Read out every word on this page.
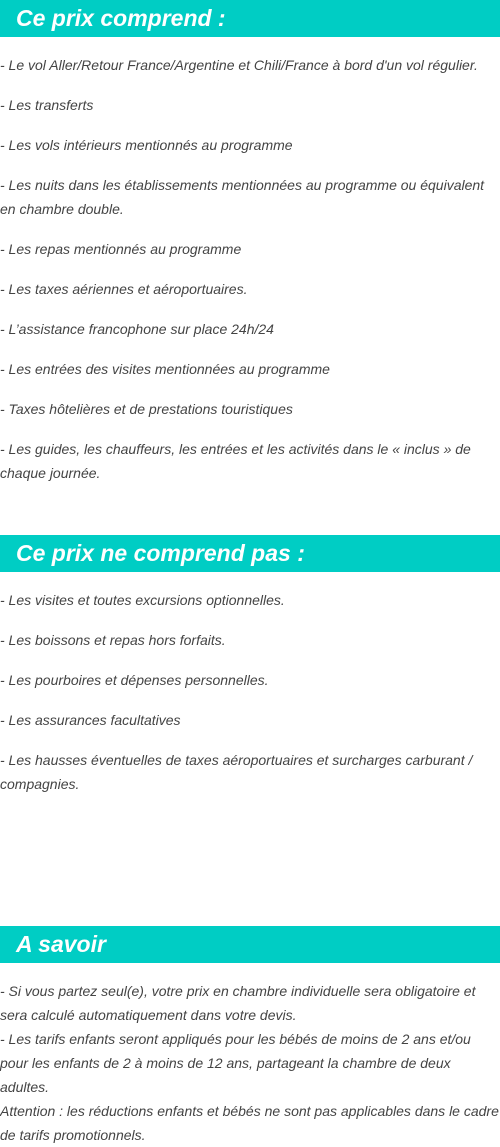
Ce prix comprend :
- Le vol Aller/Retour France/Argentine et Chili/France à bord d'un vol régulier.
- Les transferts
- Les vols intérieurs mentionnés au programme
- Les nuits dans les établissements mentionnées au programme ou équivalent en chambre double.
- Les repas mentionnés au programme
- Les taxes aériennes et aéroportuaires.
- L’assistance francophone sur place 24h/24
- Les entrées des visites mentionnées au programme
- Taxes hôtelières et de prestations touristiques
- Les guides, les chauffeurs, les entrées et les activités dans le « inclus » de chaque journée.
Ce prix ne comprend pas :
- Les visites et toutes excursions optionnelles.
- Les boissons et repas hors forfaits.
- Les pourboires et dépenses personnelles.
- Les assurances facultatives
- Les hausses éventuelles de taxes aéroportuaires et surcharges carburant / compagnies.
A savoir
- Si vous partez seul(e), votre prix en chambre individuelle sera obligatoire et sera calculé automatiquement dans votre devis.
- Les tarifs enfants seront appliqués pour les bébés de moins de 2 ans et/ou pour les enfants de 2 à moins de 12 ans, partageant la chambre de deux adultes.
Attention : les réductions enfants et bébés ne sont pas applicables dans le cadre de tarifs promotionnels.
